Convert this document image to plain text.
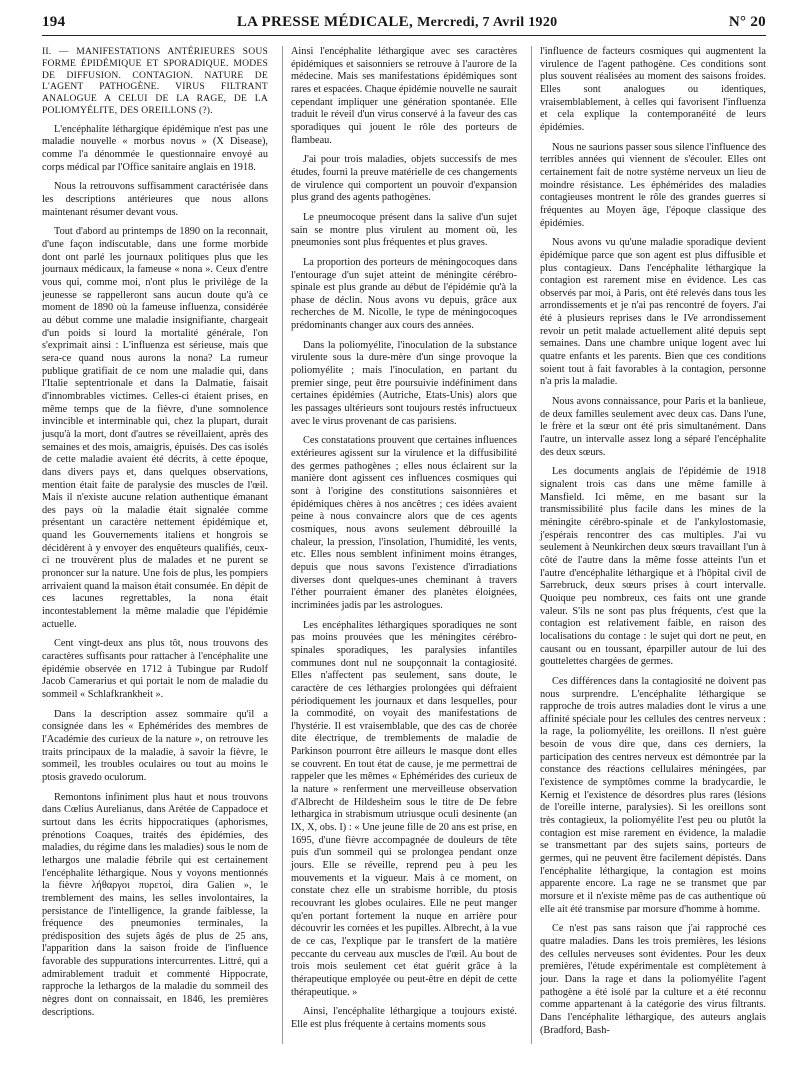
194	LA PRESSE MÉDICALE, Mercredi, 7 Avril 1920	N° 20

II. — MANIFESTATIONS ANTÉRIEURES SOUS FORME ÉPIDÉMIQUE ET SPORADIQUE. MODES DE DIFFUSION. CONTAGION. NATURE DE L'AGENT PATHOGÈNE. VIRUS FILTRANT ANALOGUE A CELUI DE LA RAGE, DE LA POLIOMYÉLITE, DES OREILLONS (?).

L'encéphalite léthargique épidémique n'est pas une maladie nouvelle « morbus novus » (X Disease), comme l'a dénommée le questionnaire envoyé au corps médical par l'Office sanitaire anglais en 1918.

Nous la retrouvons suffisamment caractérisée dans les descriptions antérieures que nous allons maintenant résumer devant vous.

Tout d'abord au printemps de 1890 on la reconnait, d'une façon indiscutable, dans une forme morbide dont ont parlé les journaux politiques plus que les journaux médicaux, la fameuse « nona ». Ceux d'entre vous qui, comme moi, n'ont plus le privilège de la jeunesse se rappelleront sans aucun doute qu'à ce moment de 1890 où la fameuse influenza, considérée au début comme une maladie insignifiante, chargeait d'un poids si lourd la mortalité générale, l'on s'exprimait ainsi : L'influenza est sérieuse, mais que sera-ce quand nous aurons la nona? La rumeur publique gratifiait de ce nom une maladie qui, dans l'Italie septentrionale et dans la Dalmatie, faisait d'innombrables victimes. Celles-ci étaient prises, en même temps que de la fièvre, d'une somnolence invincible et interminable qui, chez la plupart, durait jusqu'à la mort, dont d'autres se réveillaient, après des semaines et des mois, amaigris, épuisés. Des cas isolés de cette maladie avaient été décrits, à cette époque, dans divers pays et, dans quelques observations, mention était faite de paralysie des muscles de l'œil. Mais il n'existe aucune relation authentique émanant des pays où la maladie était signalée comme présentant un caractère nettement épidémique et, quand les Gouvernements italiens et hongrois se décidèrent à y envoyer des enquêteurs qualifiés, ceux-ci ne trouvèrent plus de malades et ne purent se prononcer sur la nature. Une fois de plus, les pompiers arrivaient quand la maison était consumée. En dépit de ces lacunes regrettables, la nona était incontestablement la même maladie que l'épidémie actuelle.

Cent vingt-deux ans plus tôt, nous trouvons des caractères suffisants pour rattacher à l'encéphalite une épidémie observée en 1712 à Tubingue par Rudolf Jacob Camerarius et qui portait le nom de maladie du sommeil « Schlafkrankheit ».

Dans la description assez sommaire qu'il a consignée dans les « Ephémérides des membres de l'Académie des curieux de la nature », on retrouve les traits principaux de la maladie, à savoir la fièvre, le sommeil, les troubles oculaires ou tout au moins le ptosis gravedo oculorum.

Remontons infiniment plus haut et nous trouvons dans Cœlius Aurelianus, dans Arétée de Cappadoce et surtout dans les écrits hippocratiques (aphorismes, prénotions Coaques, traités des épidémies, des maladies, du régime dans les maladies) sous le nom de lethargos une maladie fébrile qui est certainement l'encéphalite léthargique. Nous y voyons mentionnés la fièvre λήθαργοι πυρετοί, dira Galien », le tremblement des mains, les selles involontaires, la persistance de l'intelligence, la grande faiblesse, la fréquence des pneumonies terminales, la prédisposition des sujets âgés de plus de 25 ans, l'apparition dans la saison froide de l'influence favorable des suppurations intercurrentes. Littré, qui a admirablement traduit et commenté Hippocrate, rapproche la lethargos de la maladie du sommeil des nègres dont on connaissait, en 1846, les premières descriptions.

Ainsi l'encéphalite léthargique avec ses caractères épidémiques et saisonniers se retrouve à l'aurore de la médecine. Mais ses manifestations épidémiques sont rares et espacées. Chaque épidémie nouvelle ne saurait cependant impliquer une génération spontanée. Elle traduit le réveil d'un virus conservé à la faveur des cas sporadiques qui jouent le rôle des porteurs de flambeau.

J'ai pour trois maladies, objets successifs de mes études, fourni la preuve matérielle de ces changements de virulence qui comportent un pouvoir d'expansion plus grand des agents pathogènes.

Le pneumocoque présent dans la salive d'un sujet sain se montre plus virulent au moment où, les pneumonies sont plus fréquentes et plus graves.

La proportion des porteurs de méningocoques dans l'entourage d'un sujet atteint de méningite cérébro-spinale est plus grande au début de l'épidémie qu'à la phase de déclin. Nous avons vu depuis, grâce aux recherches de M. Nicolle, le type de méningocoques prédominants changer aux cours des années.

Dans la poliomyélite, l'inoculation de la substance virulente sous la dure-mère d'un singe provoque la poliomyélite ; mais l'inoculation, en partant du premier singe, peut être poursuivie indéfiniment dans certaines épidémies (Autriche, Etats-Unis) alors que les passages ultérieurs sont toujours restés infructueux avec le virus provenant de cas parisiens.

Ces constatations prouvent que certaines influences extérieures agissent sur la virulence et la diffusibilité des germes pathogènes ; elles nous éclairent sur la manière dont agissent ces influences cosmiques qui sont à l'origine des constitutions saisonnières et épidémiques chères à nos ancêtres ; ces idées avaient peine à nous convaincre alors que de ces agents cosmiques, nous avons seulement débrouillé la chaleur, la pression, l'insolation, l'humidité, les vents, etc. Elles nous semblent infiniment moins étranges, depuis que nous savons l'existence d'irradiations diverses dont quelques-unes cheminant à travers l'éther pourraient émaner des planètes éloignées, incriminées jadis par les astrologues.

Les encéphalites léthargiques sporadiques ne sont pas moins prouvées que les méningites cérébro-spinales sporadiques, les paralysies infantiles communes dont nul ne soupçonnait la contagiosité. Elles n'affectent pas seulement, sans doute, le caractère de ces léthargies prolongées qui défraient périodiquement les journaux et dans lesquelles, pour la commodité, on voyait des manifestations de l'hystérie. Il est vraisemblable, que des cas de chorée dite électrique, de tremblements de maladie de Parkinson pourront être ailleurs le masque dont elles se couvrent. En tout état de cause, je me permettrai de rappeler que les mêmes « Ephémérides des curieux de la nature » renferment une merveilleuse observation d'Albrecht de Hildesheim sous le titre de De febre lethargica in strabismum utriusque oculi desinente (an IX, X, obs. I) : « Une jeune fille de 20 ans est prise, en 1695, d'une fièvre accompagnée de douleurs de tête puis d'un sommeil qui se prolongea pendant onze jours. Elle se réveille, reprend peu à peu les mouvements et la vigueur. Mais à ce moment, on constate chez elle un strabisme horrible, du ptosis recouvrant les globes oculaires. Elle ne peut manger qu'en portant fortement la nuque en arrière pour découvrir les cornées et les pupilles. Albrecht, à la vue de ce cas, l'explique par le transfert de la matière peccante du cerveau aux muscles de l'œil. Au bout de trois mois seulement cet état guérit grâce à la thérapeutique employée ou peut-être en dépit de cette thérapeutique. »

Ainsi, l'encéphalite léthargique a toujours existé. Elle est plus fréquente à certains moments sous

l'influence de facteurs cosmiques qui augmentent la virulence de l'agent pathogène. Ces conditions sont plus souvent réalisées au moment des saisons froides. Elles sont analogues ou identiques, vraisemblablement, à celles qui favorisent l'influenza et cela explique la contemporanéité de leurs épidémies.

Nous ne saurions passer sous silence l'influence des terribles années qui viennent de s'écouler. Elles ont certainement fait de notre système nerveux un lieu de moindre résistance. Les éphémérides des maladies contagieuses montrent le rôle des grandes guerres si fréquentes au Moyen âge, l'époque classique des épidémies.

Nous avons vu qu'une maladie sporadique devient épidémique parce que son agent est plus diffusible et plus contagieux. Dans l'encéphalite léthargique la contagion est rarement mise en évidence. Les cas observés par moi, à Paris, ont été relevés dans tous les arrondissements et je n'ai pas rencontré de foyers. J'ai été à plusieurs reprises dans le IVe arrondissement revoir un petit malade actuellement alité depuis sept semaines. Dans une chambre unique logent avec lui quatre enfants et les parents. Bien que ces conditions soient tout à fait favorables à la contagion, personne n'a pris la maladie.

Nous avons connaissance, pour Paris et la banlieue, de deux familles seulement avec deux cas. Dans l'une, le frère et la sœur ont été pris simultanément. Dans l'autre, un intervalle assez long a séparé l'encéphalite des deux sœurs.

Les documents anglais de l'épidémie de 1918 signalent trois cas dans une même famille à Mansfield. Ici même, en me basant sur la transmissibilité plus facile dans les mines de la méningite cérébro-spinale et de l'ankylostomasie, j'espérais rencontrer des cas multiples. J'ai vu seulement à Neunkirchen deux sœurs travaillant l'un à côté de l'autre dans la même fosse atteints l'un et l'autre d'encéphalite léthargique et à l'hôpital civil de Sarrebruck, deux sœurs prises à court intervalle. Quoique peu nombreux, ces faits ont une grande valeur. S'ils ne sont pas plus fréquents, c'est que la contagion est relativement faible, en raison des localisations du contage : le sujet qui dort ne peut, en causant ou en toussant, éparpiller autour de lui des gouttelettes chargées de germes.

Ces différences dans la contagiosité ne doivent pas nous surprendre. L'encéphalite léthargique se rapproche de trois autres maladies dont le virus a une affinité spéciale pour les cellules des centres nerveux : la rage, la poliomyélite, les oreillons. Il n'est guère besoin de vous dire que, dans ces derniers, la participation des centres nerveux est démontrée par la constance des réactions cellulaires méningées, par l'existence de symptômes comme la bradycardie, le Kernig et l'existence de désordres plus rares (lésions de l'oreille interne, paralysies). Si les oreillons sont très contagieux, la poliomyélite l'est peu ou plutôt la contagion est mise rarement en évidence, la maladie se transmettant par des sujets sains, porteurs de germes, qui ne peuvent être facilement dépistés. Dans l'encéphalite léthargique, la contagion est moins apparente encore. La rage ne se transmet que par morsure et il n'existe même pas de cas authentique où elle ait été transmise par morsure d'homme à homme.

Ce n'est pas sans raison que j'ai rapproché ces quatre maladies. Dans les trois premières, les lésions des cellules nerveuses sont évidentes. Pour les deux premières, l'étude expérimentale est complètement à jour. Dans la rage et dans la poliomyélite l'agent pathogène a été isolé par la culture et a été reconnu comme appartenant à la catégorie des virus filtrants. Dans l'encéphalite léthargique, des auteurs anglais (Bradford, Bash-
